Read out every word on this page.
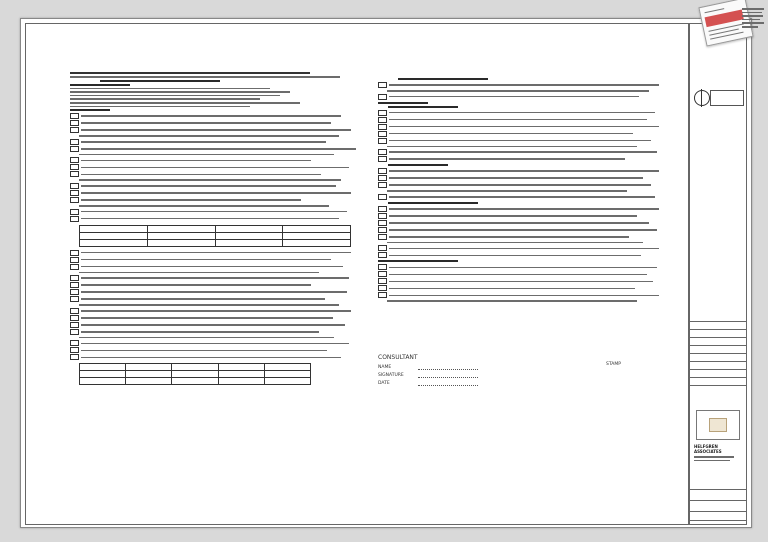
CONSULTANT
NAME
SIGNATURE
DATE
STAMP
HELFGREN ASSOCIATES
